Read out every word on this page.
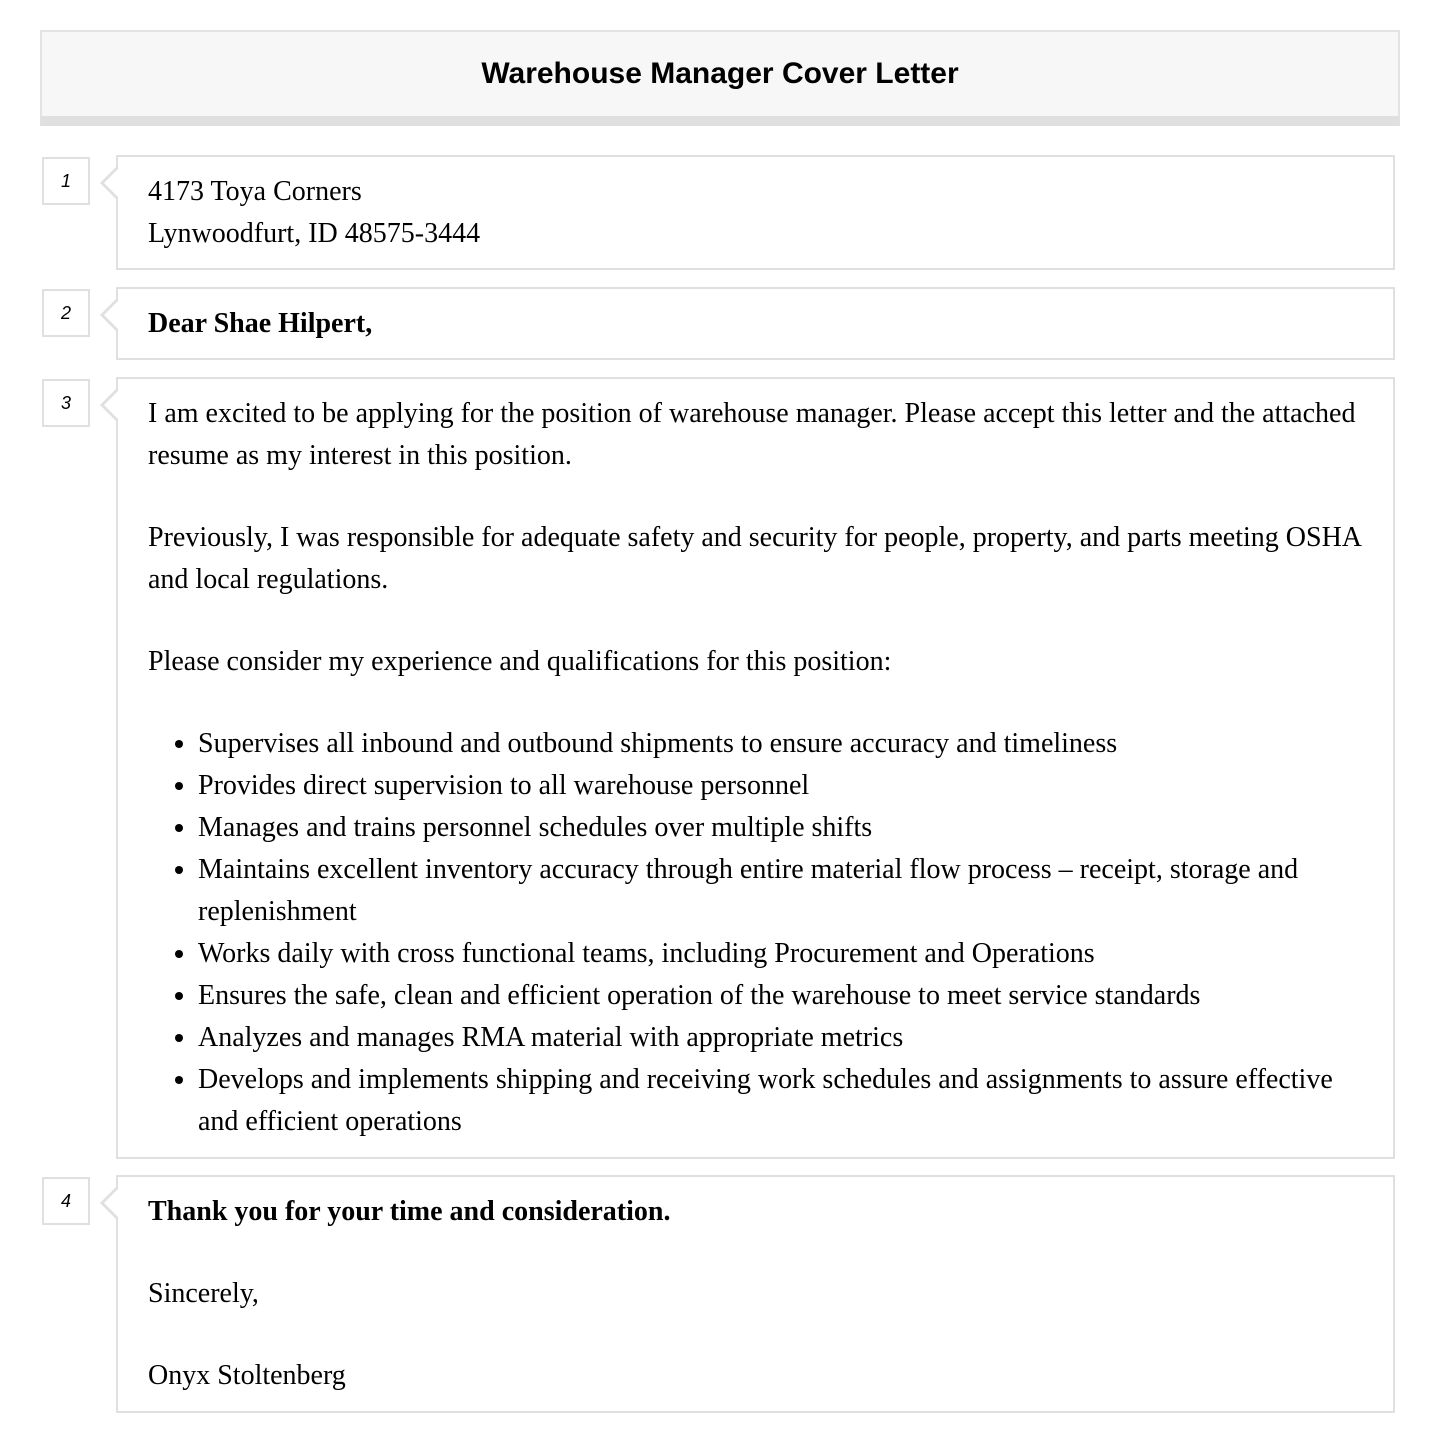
Warehouse Manager Cover Letter
1	4173 Toya Corners
Lynwoodfurt, ID 48575-3444
2	Dear Shae Hilpert,
3	I am excited to be applying for the position of warehouse manager. Please accept this letter and the attached resume as my interest in this position.

Previously, I was responsible for adequate safety and security for people, property, and parts meeting OSHA and local regulations.

Please consider my experience and qualifications for this position:

• Supervises all inbound and outbound shipments to ensure accuracy and timeliness
• Provides direct supervision to all warehouse personnel
• Manages and trains personnel schedules over multiple shifts
• Maintains excellent inventory accuracy through entire material flow process – receipt, storage and replenishment
• Works daily with cross functional teams, including Procurement and Operations
• Ensures the safe, clean and efficient operation of the warehouse to meet service standards
• Analyzes and manages RMA material with appropriate metrics
• Develops and implements shipping and receiving work schedules and assignments to assure effective and efficient operations
4	Thank you for your time and consideration.

Sincerely,

Onyx Stoltenberg
